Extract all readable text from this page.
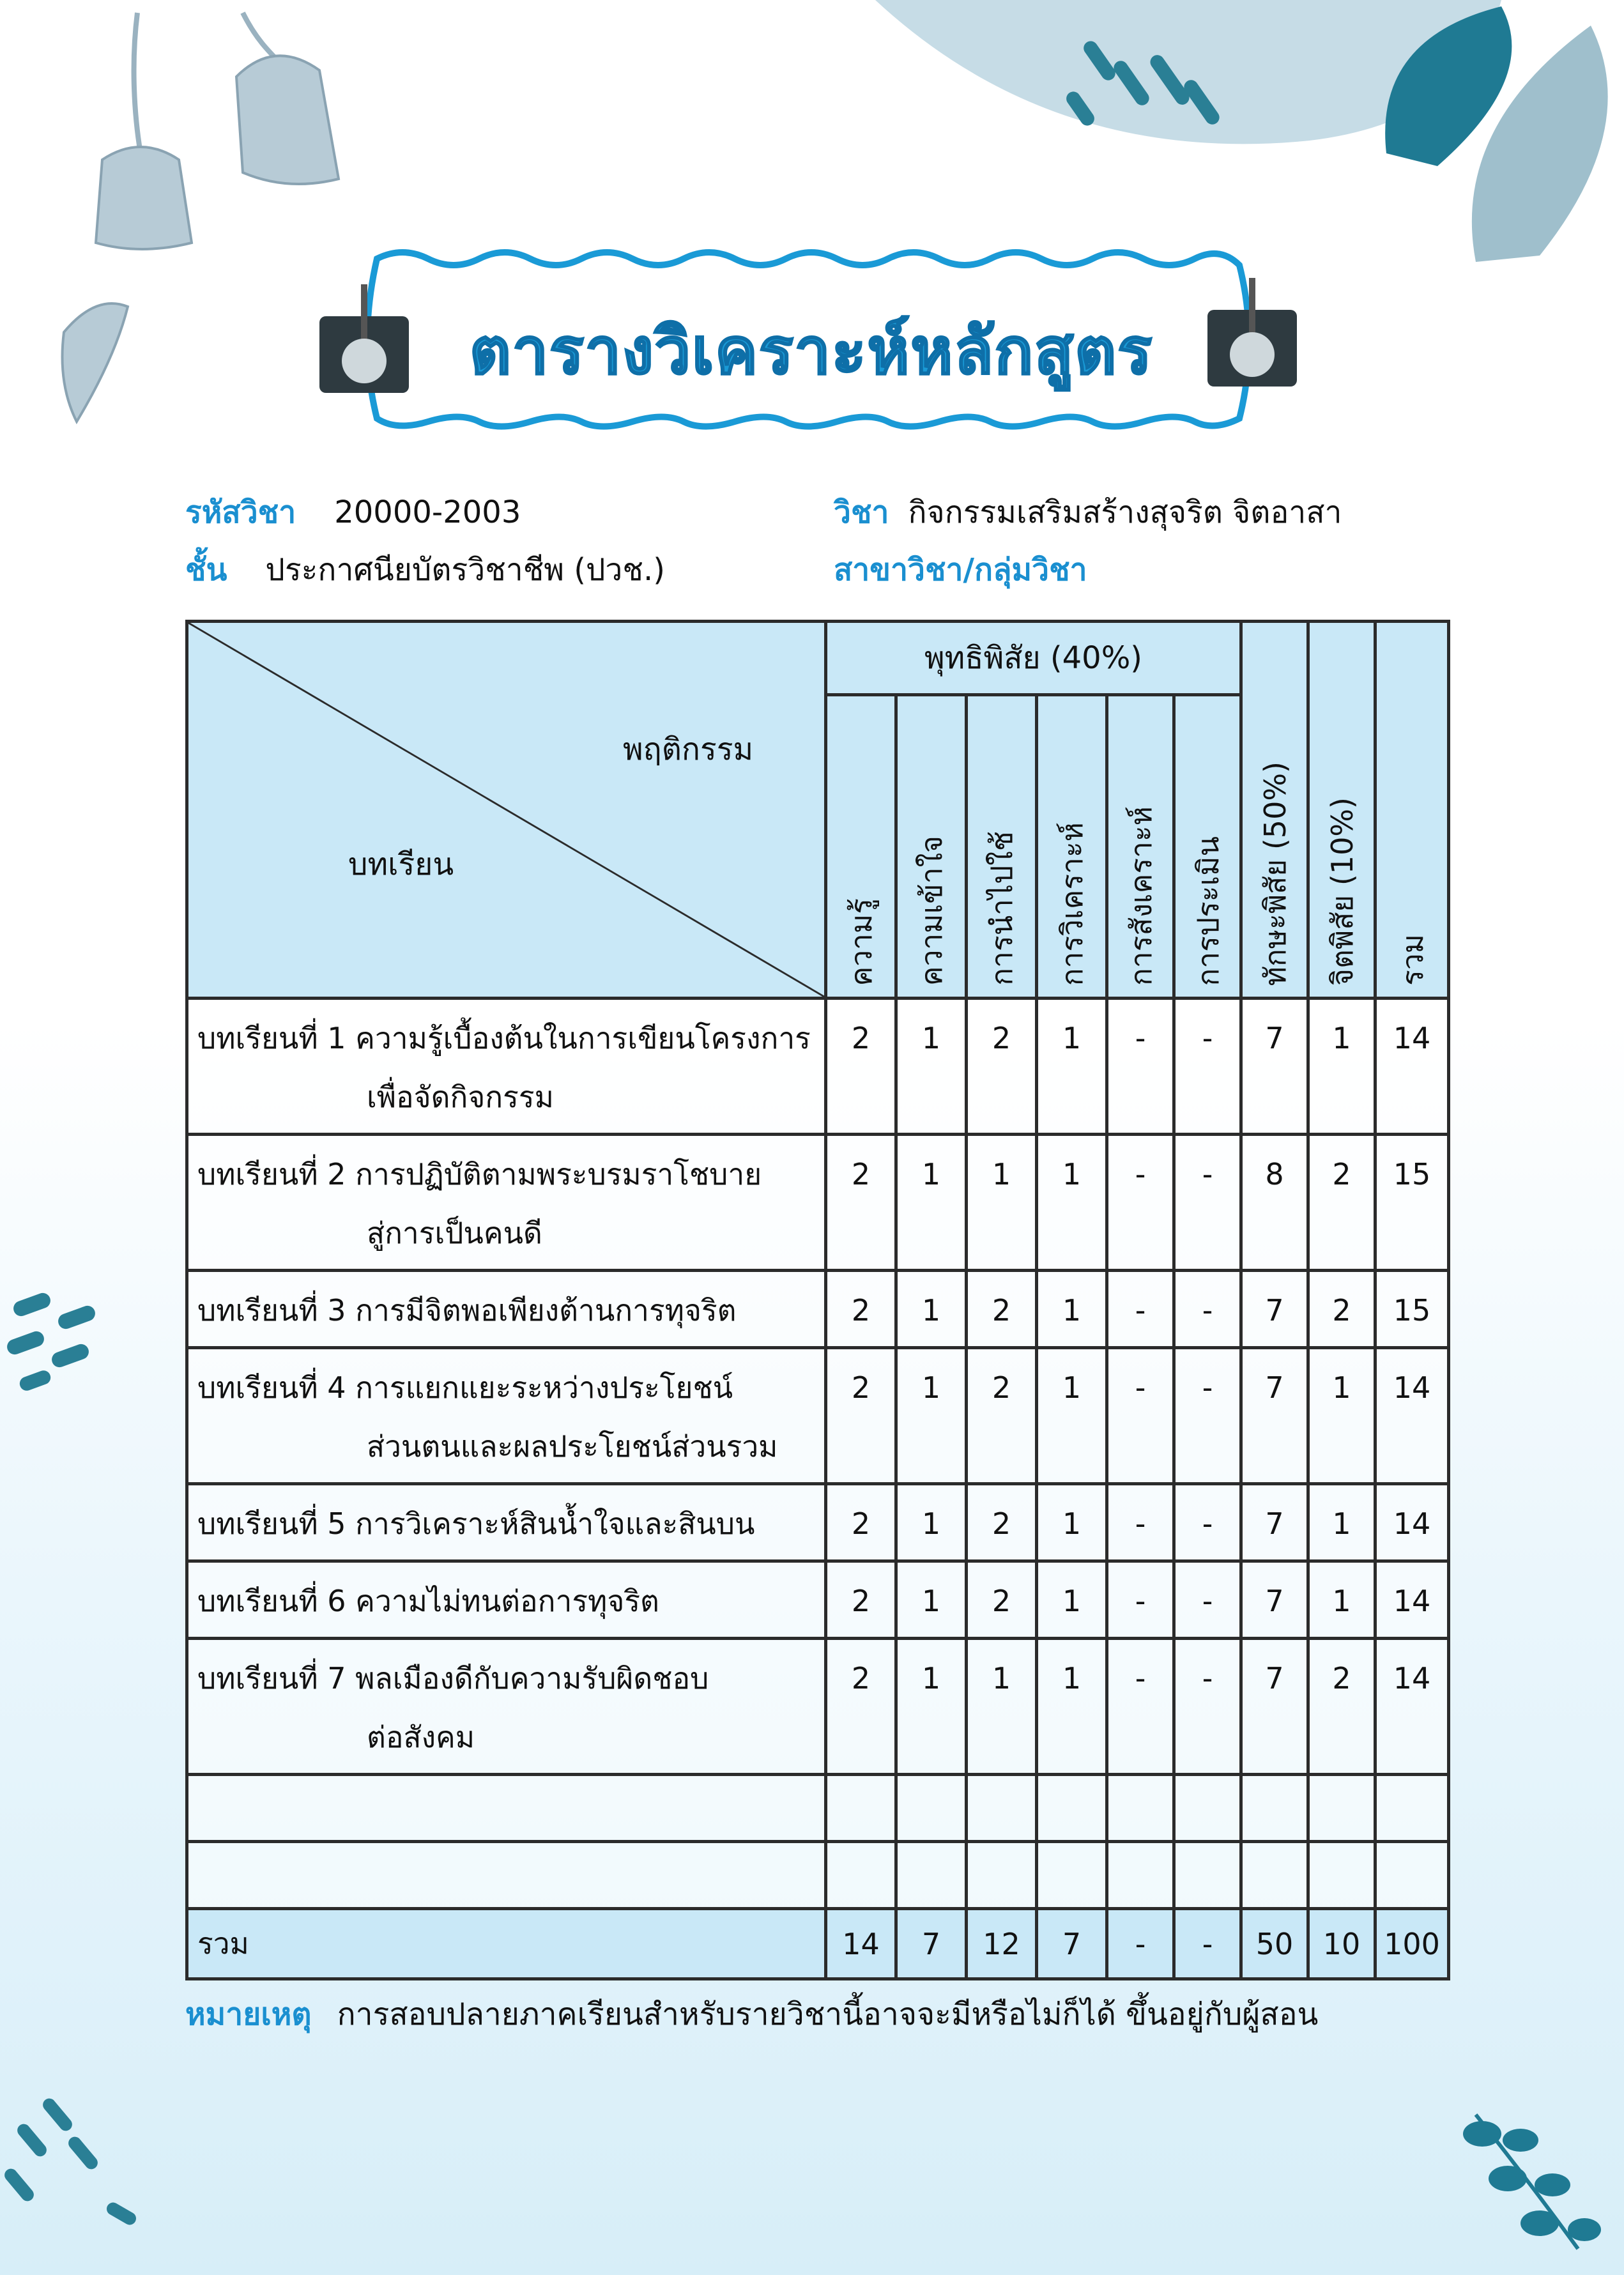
ตารางวิเคราะห์หลักสูตร
รหัสวิชา 20000-2003	วิชา กิจกรรมเสริมสร้างสุจริต จิตอาสา
ชั้น ประกาศนียบัตรวิชาชีพ (ปวช.)	สาขาวิชา/กลุ่มวิชา
พฤติกรรม
บทเรียน	พุทธิพิสัย (40%)						ทักษะพิสัย (50%)	จิตพิสัย (10%)	รวม
	ความรู้	ความเข้าใจ	การนำไปใช้	การวิเคราะห์	การสังเคราะห์	การประเมิน			
บทเรียนที่ 1 ความรู้เบื้องต้นในการเขียนโครงการ
เพื่อจัดกิจกรรม	2	1	2	1	-	-	7	1	14
บทเรียนที่ 2 การปฏิบัติตามพระบรมราโชบาย
สู่การเป็นคนดี	2	1	1	1	-	-	8	2	15
บทเรียนที่ 3 การมีจิตพอเพียงต้านการทุจริต	2	1	2	1	-	-	7	2	15
บทเรียนที่ 4 การแยกแยะระหว่างประโยชน์
ส่วนตนและผลประโยชน์ส่วนรวม	2	1	2	1	-	-	7	1	14
บทเรียนที่ 5 การวิเคราะห์สินน้ำใจและสินบน	2	1	2	1	-	-	7	1	14
บทเรียนที่ 6 ความไม่ทนต่อการทุจริต	2	1	2	1	-	-	7	1	14
บทเรียนที่ 7 พลเมืองดีกับความรับผิดชอบ
ต่อสังคม	2	1	1	1	-	-	7	2	14

รวม	14	7	12	7	-	-	50	10	100
หมายเหตุ การสอบปลายภาคเรียนสำหรับรายวิชานี้อาจจะมีหรือไม่ก็ได้ ขึ้นอยู่กับผู้สอน
